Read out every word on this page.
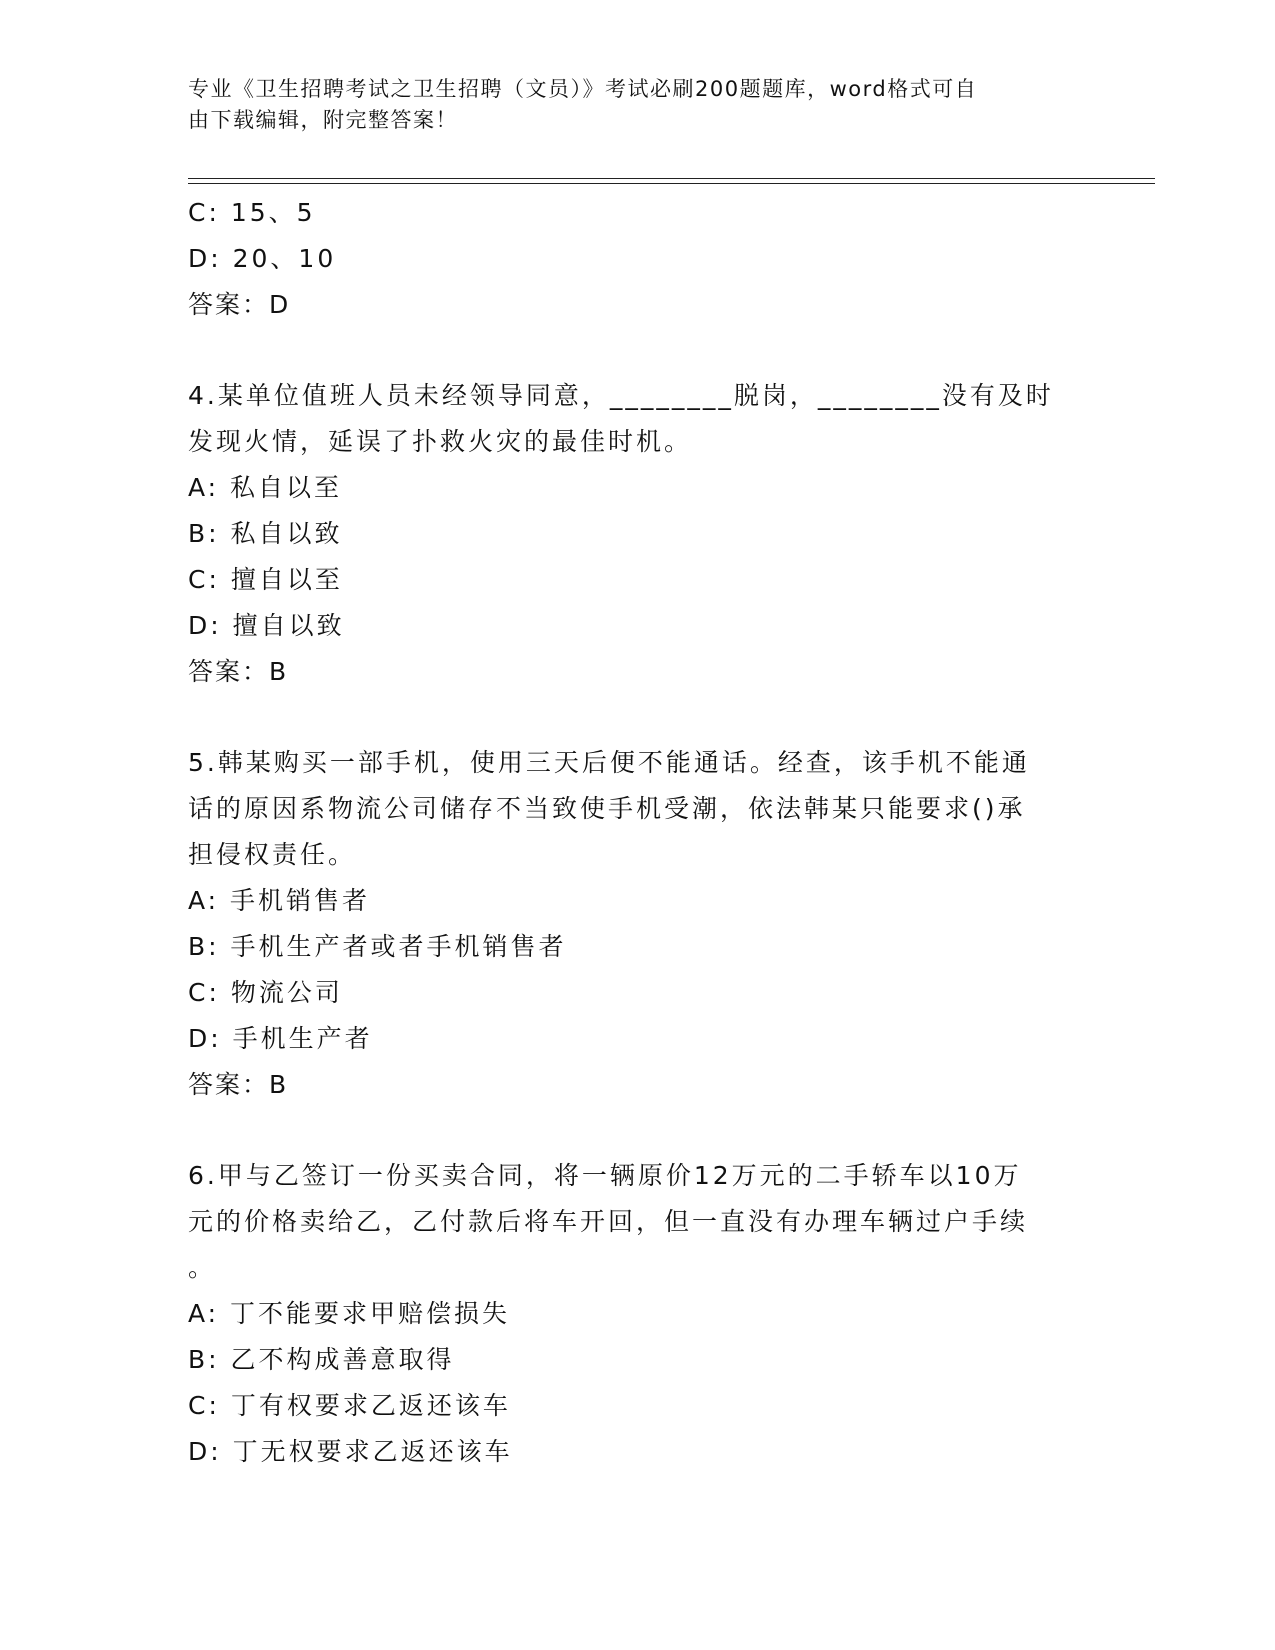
专业《卫生招聘考试之卫生招聘（文员）》考试必刷200题题库，word格式可自
由下载编辑，附完整答案！
C: 15、5
D: 20、10
答案：D
4.某单位值班人员未经领导同意，________脱岗，________没有及时
发现火情，延误了扑救火灾的最佳时机。
A: 私自以至
B: 私自以致
C: 擅自以至
D: 擅自以致
答案：B
5.韩某购买一部手机，使用三天后便不能通话。经查，该手机不能通
话的原因系物流公司储存不当致使手机受潮，依法韩某只能要求()承
担侵权责任。
A: 手机销售者
B: 手机生产者或者手机销售者
C: 物流公司
D: 手机生产者
答案：B
6.甲与乙签订一份买卖合同，将一辆原价12万元的二手轿车以10万
元的价格卖给乙，乙付款后将车开回，但一直没有办理车辆过户手续
。
A: 丁不能要求甲赔偿损失
B: 乙不构成善意取得
C: 丁有权要求乙返还该车
D: 丁无权要求乙返还该车
